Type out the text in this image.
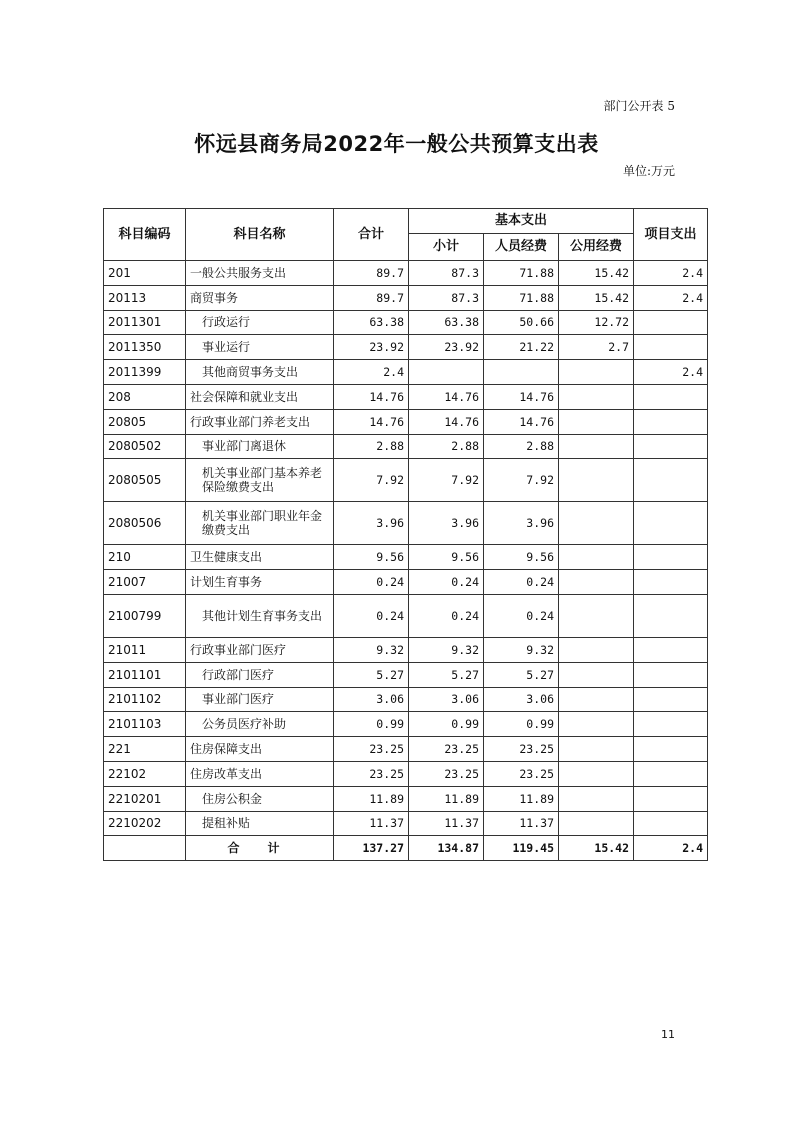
部门公开表 5
怀远县商务局2022年一般公共预算支出表
单位:万元
科目编码	科目名称	合计	基本支出			项目支出
			小计	人员经费	公用经费	
201	一般公共服务支出	89.7	87.3	71.88	15.42	2.4
20113	商贸事务	89.7	87.3	71.88	15.42	2.4
2011301	行政运行	63.38	63.38	50.66	12.72	
2011350	事业运行	23.92	23.92	21.22	2.7	
2011399	其他商贸事务支出	2.4				2.4
208	社会保障和就业支出	14.76	14.76	14.76		
20805	行政事业部门养老支出	14.76	14.76	14.76		
2080502	事业部门离退休	2.88	2.88	2.88		
2080505	机关事业部门基本养老保险缴费支出	7.92	7.92	7.92		
2080506	机关事业部门职业年金缴费支出	3.96	3.96	3.96		
210	卫生健康支出	9.56	9.56	9.56		
21007	计划生育事务	0.24	0.24	0.24		
2100799	其他计划生育事务支出	0.24	0.24	0.24		
21011	行政事业部门医疗	9.32	9.32	9.32		
2101101	行政部门医疗	5.27	5.27	5.27		
2101102	事业部门医疗	3.06	3.06	3.06		
2101103	公务员医疗补助	0.99	0.99	0.99		
221	住房保障支出	23.25	23.25	23.25		
22102	住房改革支出	23.25	23.25	23.25		
2210201	住房公积金	11.89	11.89	11.89		
2210202	提租补贴	11.37	11.37	11.37		
	合计	137.27	134.87	119.45	15.42	2.4
11
